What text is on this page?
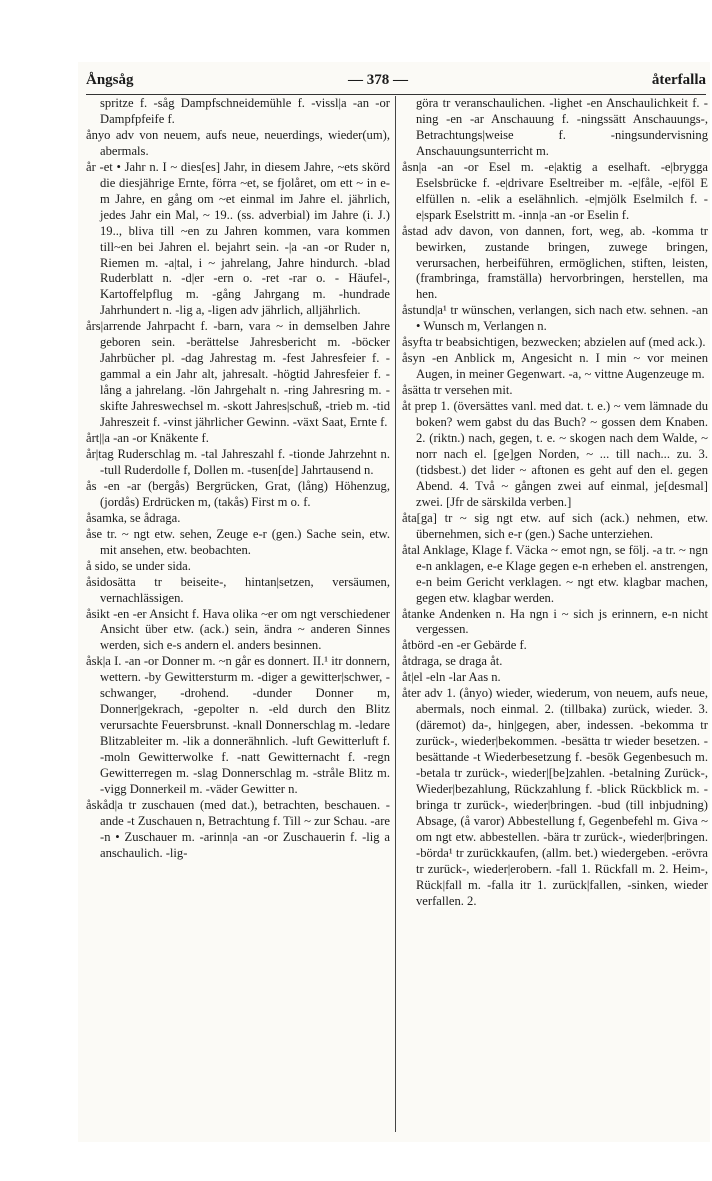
Ångsåg	— 378 —	återfalla

spritze f. -såg Dampfschneidemühle f. -vissl|a -an -or Dampfpfeife f.

ånyo adv von neuem, aufs neue, neuerdings, wieder(um), abermals.

år -et • Jahr n. I ~ dies[es] Jahr, in diesem Jahre, ~ets skörd die diesjährige Ernte, förra ~et, se fjolåret, om ett ~ in e-m Jahre, en gång om ~et einmal im Jahre el. jährlich, jedes Jahr ein Mal, ~ 19.. (ss. adverbial) im Jahre (i. J.) 19.., bliva till ~en zu Jahren kommen, vara kommen till~en bei Jahren el. bejahrt sein. -|a -an -or Ruder n, Riemen m. -a|tal, i ~ jahrelang, Jahre hindurch. -blad Ruderblatt n. -d|er -ern o. -ret -rar o. - Häufel-, Kartoffelpflug m. -gång Jahrgang m. -hundrade Jahrhundert n. -lig a, -ligen adv jährlich, alljährlich.

års|arrende Jahrpacht f. -barn, vara ~ in demselben Jahre geboren sein. -berättelse Jahresbericht m. -böcker Jahrbücher pl. -dag Jahrestag m. -fest Jahresfeier f. -gammal a ein Jahr alt, jahresalt. -högtid Jahresfeier f. -lång a jahrelang. -lön Jahrgehalt n. -ring Jahresring m. -skifte Jahreswechsel m. -skott Jahres|schuß, -trieb m. -tid Jahreszeit f. -vinst jährlicher Gewinn. -växt Saat, Ernte f.

årt||a -an -or Knäkente f.

år|tag Ruderschlag m. -tal Jahreszahl f. -tionde Jahrzehnt n. -tull Ruderdolle f, Dollen m. -tusen[de] Jahrtausend n.

ås -en -ar (bergås) Bergrücken, Grat, (lång) Höhenzug, (jordås) Erdrücken m, (takås) First m o. f.

åsamka, se ådraga.

åse tr. ~ ngt etw. sehen, Zeuge e-r (gen.) Sache sein, etw. mit ansehen, etw. beobachten.

å sido, se under sida.

åsidosätta tr beiseite-, hintan|setzen, versäumen, vernachlässigen.

åsikt -en -er Ansicht f. Hava olika ~er om ngt verschiedener Ansicht über etw. (ack.) sein, ändra ~ anderen Sinnes werden, sich e-s andern el. anders besinnen.

åsk|a I. -an -or Donner m. ~n går es donnert. II.¹ itr donnern, wettern. -by Gewittersturm m. -diger a gewitter|schwer, -schwanger, -drohend. -dunder Donner m, Donner|gekrach, -gepolter n. -eld durch den Blitz verursachte Feuersbrunst. -knall Donnerschlag m. -ledare Blitzableiter m. -lik a donnerähnlich. -luft Gewitterluft f. -moln Gewitterwolke f. -natt Gewitternacht f. -regn Gewitterregen m. -slag Donnerschlag m. -stråle Blitz m. -vigg Donnerkeil m. -väder Gewitter n.

åskåd|a tr zuschauen (med dat.), betrachten, beschauen. -ande -t Zuschauen n, Betrachtung f. Till ~ zur Schau. -are -n • Zuschauer m. -arinn|a -an -or Zuschauerin f. -lig a anschaulich. -lig-

göra tr veranschaulichen. -lighet -en Anschaulichkeit f. -ning -en -ar Anschauung f. -ningssätt Anschauungs-, Betrachtungs|weise f. -ningsundervisning Anschauungsunterricht m.

åsn|a -an -or Esel m. -e|aktig a eselhaft. -e|brygga Eselsbrücke f. -e|drivare Eseltreiber m. -e|fåle, -e|föl E elfüllen n. -elik a eselähnlich. -e|mjölk Eselmilch f. -e|spark Eselstritt m. -inn|a -an -or Eselin f.

åstad adv davon, von dannen, fort, weg, ab. -komma tr bewirken, zustande bringen, zuwege bringen, verursachen, herbeiführen, ermöglichen, stiften, leisten, (frambringa, framställa) hervorbringen, herstellen, ma hen.

åstund|a¹ tr wünschen, verlangen, sich nach etw. sehnen. -an • Wunsch m, Verlangen n.

åsyfta tr beabsichtigen, bezwecken; abzielen auf (med ack.).

åsyn -en Anblick m, Angesicht n. I min ~ vor meinen Augen, in meiner Gegenwart. -a, ~ vittne Augenzeuge m.

åsätta tr versehen mit.

åt prep 1. (översättes vanl. med dat. t. e.) ~ vem lämnade du boken? wem gabst du das Buch? ~ gossen dem Knaben. 2. (riktn.) nach, gegen, t. e. ~ skogen nach dem Walde, ~ norr nach el. [ge]gen Norden, ~ ... till nach... zu. 3. (tidsbest.) det lider ~ aftonen es geht auf den el. gegen Abend. 4. Två ~ gången zwei auf einmal, je[desmal] zwei. [Jfr de särskilda verben.]

åta[ga] tr ~ sig ngt etw. auf sich (ack.) nehmen, etw. übernehmen, sich e-r (gen.) Sache unterziehen.

åtal Anklage, Klage f. Väcka ~ emot ngn, se följ. -a tr. ~ ngn e-n anklagen, e-e Klage gegen e-n erheben el. anstrengen, e-n beim Gericht verklagen. ~ ngt etw. klagbar machen, gegen etw. klagbar werden.

åtanke Andenken n. Ha ngn i ~ sich js erinnern, e-n nicht vergessen.

åtbörd -en -er Gebärde f.

åtdraga, se draga åt.

åt|el -eln -lar Aas n.

åter adv 1. (ånyo) wieder, wiederum, von neuem, aufs neue, abermals, noch einmal. 2. (tillbaka) zurück, wieder. 3. (däremot) da-, hin|gegen, aber, indessen. -bekomma tr zurück-, wieder|bekommen. -besätta tr wieder besetzen. -besättande -t Wiederbesetzung f. -besök Gegenbesuch m. -betala tr zurück-, wieder|[be]zahlen. -betalning Zurück-, Wieder|bezahlung, Rückzahlung f. -blick Rückblick m. -bringa tr zurück-, wieder|bringen. -bud (till inbjudning) Absage, (å varor) Abbestellung f, Gegenbefehl m. Giva ~ om ngt etw. abbestellen. -bära tr zurück-, wieder|bringen. -börda¹ tr zurückkaufen, (allm. bet.) wiedergeben. -erövra tr zurück-, wieder|erobern. -fall 1. Rückfall m. 2. Heim-, Rück|fall m. -falla itr 1. zurück|fallen, -sinken, wieder verfallen. 2.
